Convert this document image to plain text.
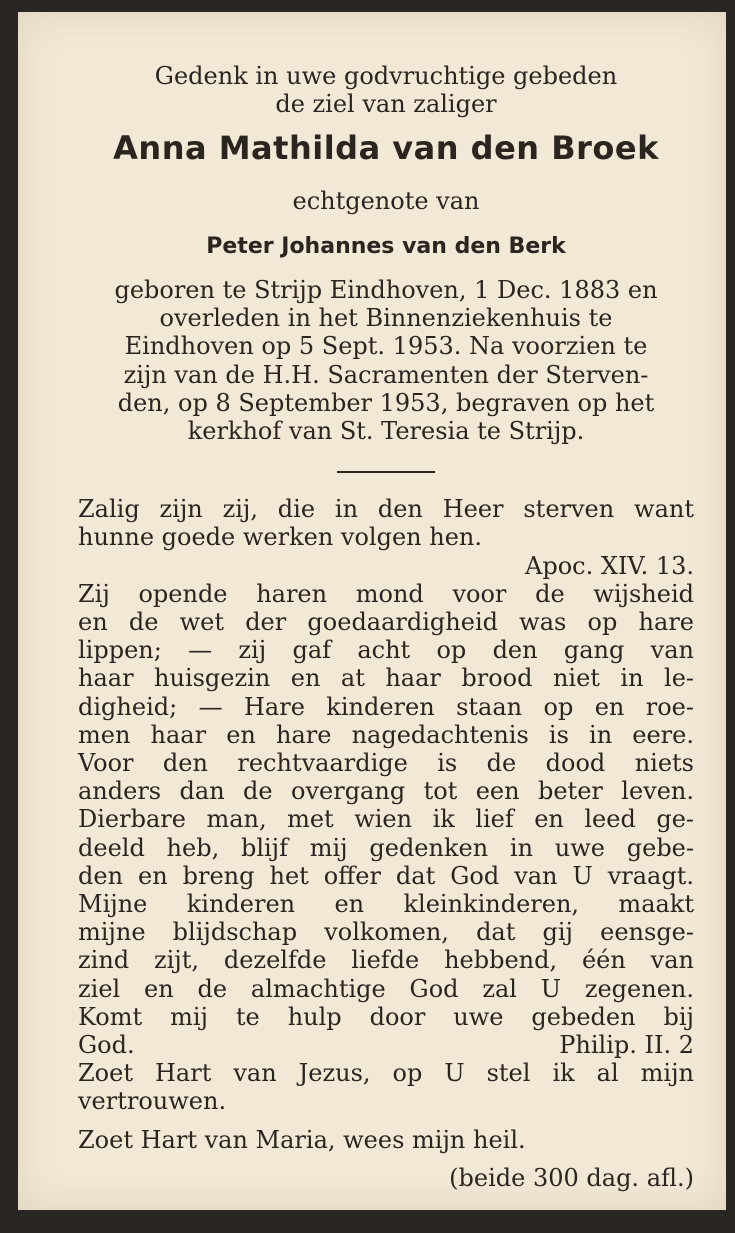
Gedenk in uwe godvruchtige gebeden
de ziel van zaliger
Anna Mathilda van den Broek
echtgenote van
Peter Johannes van den Berk
geboren te Strijp Eindhoven, 1 Dec. 1883 en
overleden in het Binnenziekenhuis te
Eindhoven op 5 Sept. 1953. Na voorzien te
zijn van de H.H. Sacramenten der Sterven-
den, op 8 September 1953, begraven op het
kerkhof van St. Teresia te Strijp.
Zalig zijn zij, die in den Heer sterven want
hunne goede werken volgen hen.
Apoc. XIV. 13.
Zij opende haren mond voor de wijsheid
en de wet der goedaardigheid was op hare
lippen; — zij gaf acht op den gang van
haar huisgezin en at haar brood niet in le-
digheid; — Hare kinderen staan op en roe-
men haar en hare nagedachtenis is in eere.
Voor den rechtvaardige is de dood niets
anders dan de overgang tot een beter leven.
Dierbare man, met wien ik lief en leed ge-
deeld heb, blijf mij gedenken in uwe gebe-
den en breng het offer dat God van U vraagt.
Mijne kinderen en kleinkinderen, maakt
mijne blijdschap volkomen, dat gij eensge-
zind zijt, dezelfde liefde hebbend, één van
ziel en de almachtige God zal U zegenen.
Komt mij te hulp door uwe gebeden bij
God.	Philip. II. 2
Zoet Hart van Jezus, op U stel ik al mijn
vertrouwen.
Zoet Hart van Maria, wees mijn heil.
(beide 300 dag. afl.)
